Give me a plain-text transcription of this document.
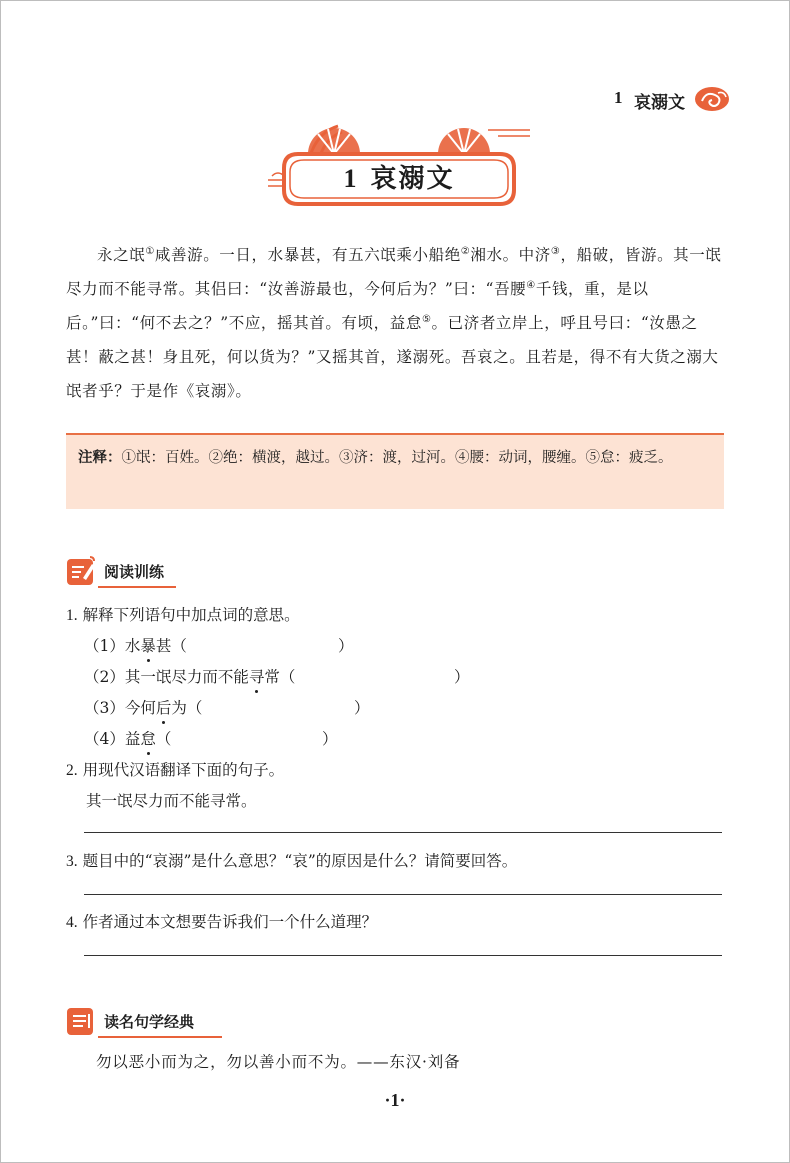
1 哀溺文
1 哀溺文
永之氓①咸善游。一日，水暴甚，有五六氓乘小船绝②湘水。中济③，船破，皆游。其一氓尽力而不能寻常。其侣曰：“汝善游最也，今何后为？”曰：“吾腰④千钱，重，是以后。”曰：“何不去之？”不应，摇其首。有顷，益怠⑤。已济者立岸上，呼且号曰：“汝愚之甚！蔽之甚！身且死，何以货为？”又摇其首，遂溺死。吾哀之。且若是，得不有大货之溺大氓者乎？于是作《哀溺》。
注释：①氓：百姓。②绝：横渡，越过。③济：渡，过河。④腰：动词，腰缠。⑤怠：疲乏。
阅读训练
1. 解释下列语句中加点词的意思。
（1）水暴甚（	）
（2）其一氓尽力而不能寻常（	）
（3）今何后为（	）
（4）益怠（	）
2. 用现代汉语翻译下面的句子。
其一氓尽力而不能寻常。
3. 题目中的“哀溺”是什么意思？“哀”的原因是什么？请简要回答。
4. 作者通过本文想要告诉我们一个什么道理？
读名句学经典
勿以恶小而为之，勿以善小而不为。——东汉·刘备
·1·
